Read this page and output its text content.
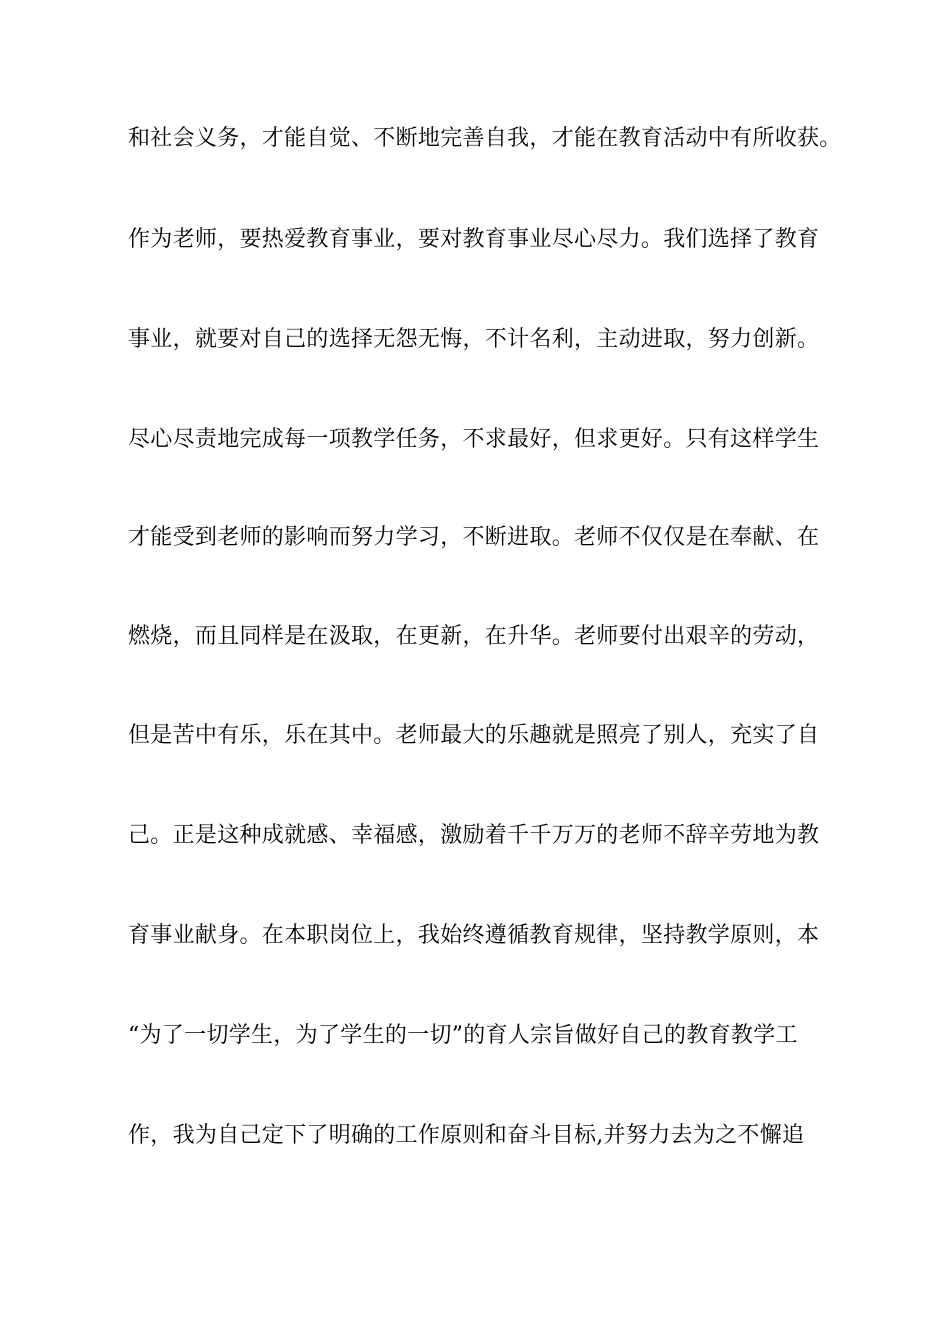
和社会义务，才能自觉、不断地完善自我，才能在教育活动中有所收获。
作为老师，要热爱教育事业，要对教育事业尽心尽力。我们选择了教育
事业，就要对自己的选择无怨无悔，不计名利，主动进取，努力创新。
尽心尽责地完成每一项教学任务，不求最好，但求更好。只有这样学生
才能受到老师的影响而努力学习，不断进取。老师不仅仅是在奉献、在
燃烧，而且同样是在汲取，在更新，在升华。老师要付出艰辛的劳动，
但是苦中有乐，乐在其中。老师最大的乐趣就是照亮了别人，充实了自
己。正是这种成就感、幸福感，激励着千千万万的老师不辞辛劳地为教
育事业献身。在本职岗位上，我始终遵循教育规律，坚持教学原则，本
“为了一切学生，为了学生的一切”的育人宗旨做好自己的教育教学工
作，我为自己定下了明确的工作原则和奋斗目标,并努力去为之不懈追
